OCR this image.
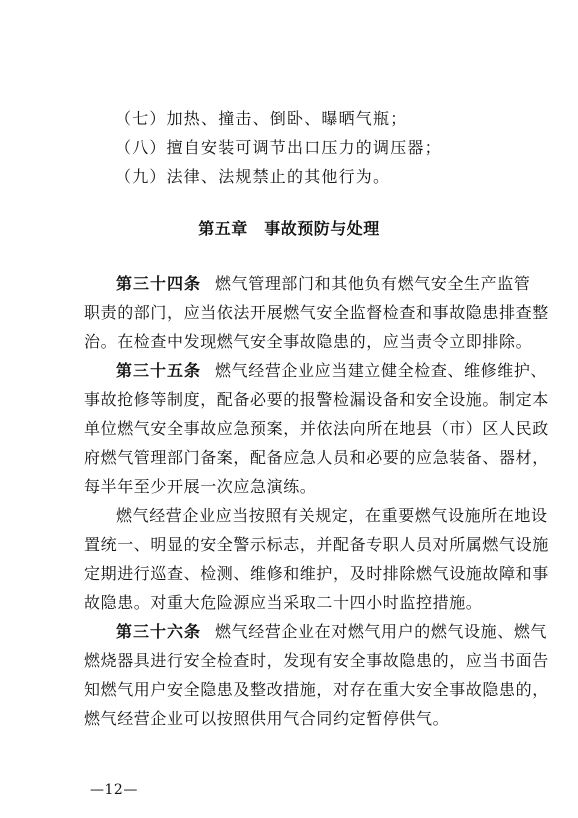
（七）加热、撞击、倒卧、曝晒气瓶；
（八）擅自安装可调节出口压力的调压器；
（九）法律、法规禁止的其他行为。
第五章　事故预防与处理
第三十四条 燃气管理部门和其他负有燃气安全生产监管
职责的部门，应当依法开展燃气安全监督检查和事故隐患排查整
治。在检查中发现燃气安全事故隐患的，应当责令立即排除。
第三十五条 燃气经营企业应当建立健全检查、维修维护、
事故抢修等制度，配备必要的报警检漏设备和安全设施。制定本
单位燃气安全事故应急预案，并依法向所在地县（市）区人民政
府燃气管理部门备案，配备应急人员和必要的应急装备、器材，
每半年至少开展一次应急演练。
燃气经营企业应当按照有关规定，在重要燃气设施所在地设
置统一、明显的安全警示标志，并配备专职人员对所属燃气设施
定期进行巡查、检测、维修和维护，及时排除燃气设施故障和事
故隐患。对重大危险源应当采取二十四小时监控措施。
第三十六条 燃气经营企业在对燃气用户的燃气设施、燃气
燃烧器具进行安全检查时，发现有安全事故隐患的，应当书面告
知燃气用户安全隐患及整改措施，对存在重大安全事故隐患的，
燃气经营企业可以按照供用气合同约定暂停供气。
—12—
